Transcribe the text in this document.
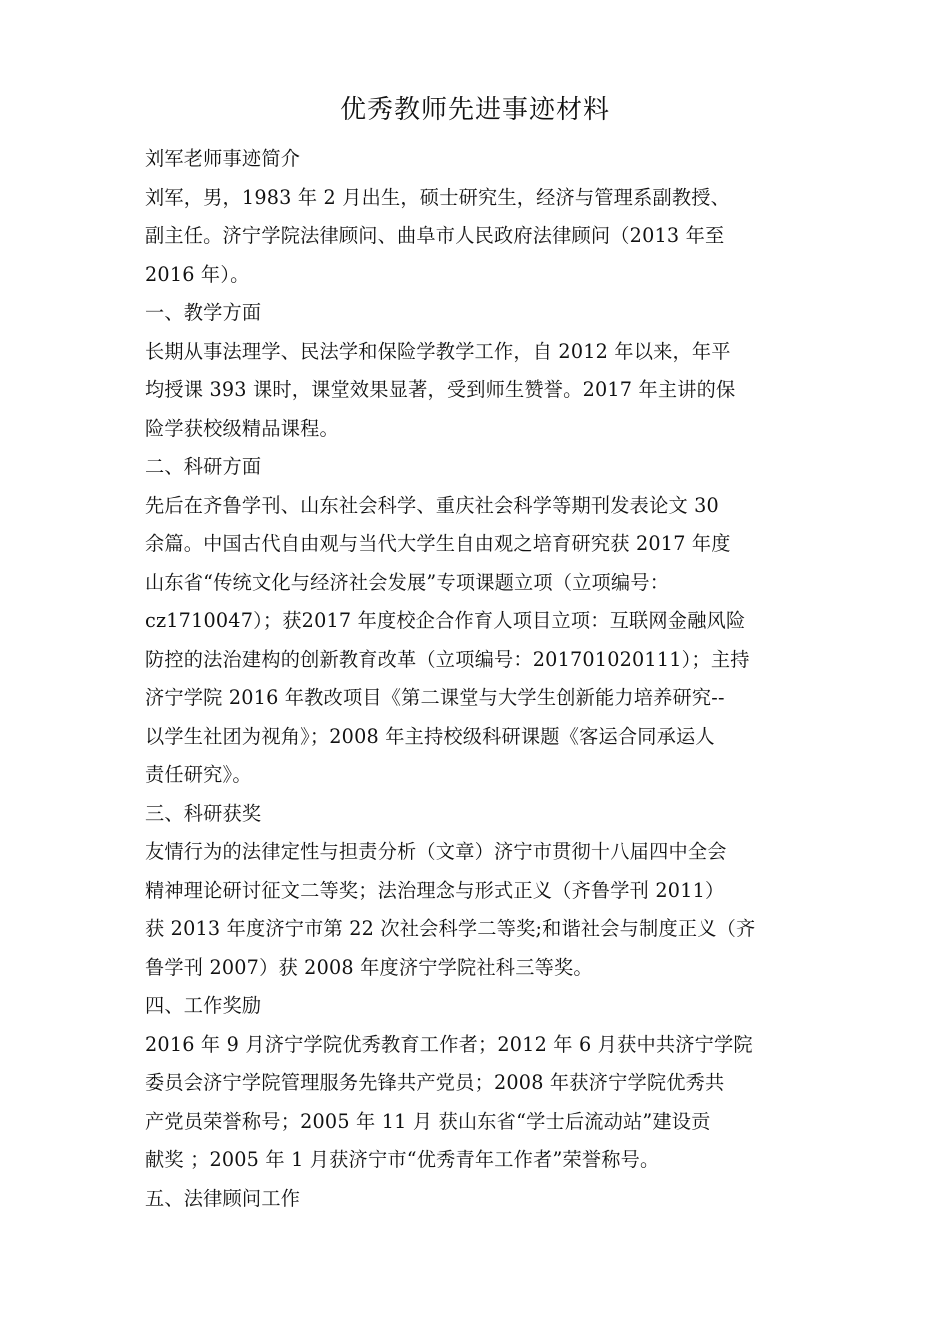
优秀教师先进事迹材料

刘军老师事迹简介

刘军，男，1983 年 2 月出生，硕士研究生，经济与管理系副教授、

副主任。济宁学院法律顾问、曲阜市人民政府法律顾问（2013 年至

2016 年）。

一、教学方面

长期从事法理学、民法学和保险学教学工作，自 2012 年以来，年平

均授课 393 课时，课堂效果显著，受到师生赞誉。2017 年主讲的保

险学获校级精品课程。

二、科研方面

先后在齐鲁学刊、山东社会科学、重庆社会科学等期刊发表论文 30

余篇。中国古代自由观与当代大学生自由观之培育研究获 2017 年度

山东省“传统文化与经济社会发展”专项课题立项（立项编号：

cz1710047）；获2017 年度校企合作育人项目立项：互联网金融风险

防控的法治建构的创新教育改革（立项编号：201701020111）；主持

济宁学院 2016 年教改项目《第二课堂与大学生创新能力培养研究--

以学生社团为视角》；2008 年主持校级科研课题《客运合同承运人

责任研究》。

三、科研获奖

友情行为的法律定性与担责分析（文章）济宁市贯彻十八届四中全会

精神理论研讨征文二等奖；法治理念与形式正义（齐鲁学刊 2011）

获 2013 年度济宁市第 22 次社会科学二等奖;和谐社会与制度正义（齐

鲁学刊 2007）获 2008 年度济宁学院社科三等奖。

四、工作奖励

2016 年 9 月济宁学院优秀教育工作者；2012 年 6 月获中共济宁学院

委员会济宁学院管理服务先锋共产党员；2008 年获济宁学院优秀共

产党员荣誉称号；2005 年 11 月 获山东省“学士后流动站”建设贡

献奖 ；2005 年 1 月获济宁市“优秀青年工作者”荣誉称号。

五、法律顾问工作
